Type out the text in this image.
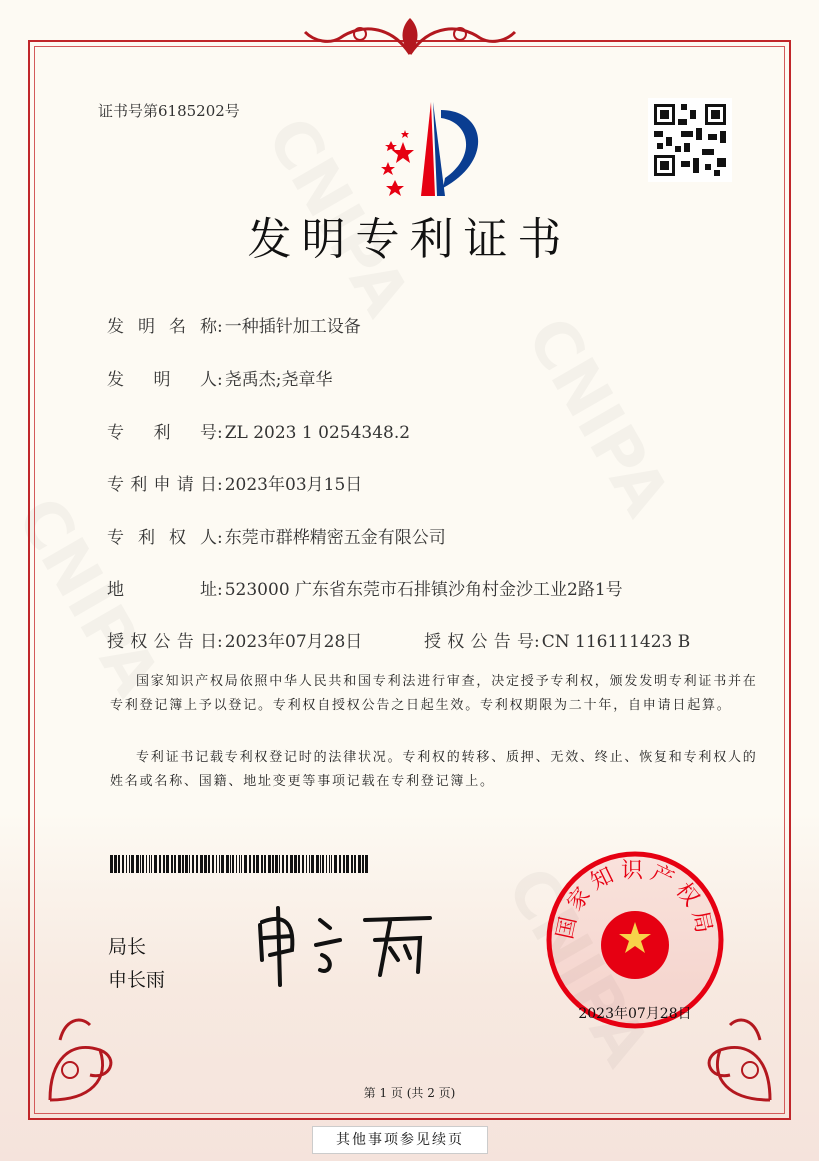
证书号第6185202号
发明专利证书
发明名称: 一种插针加工设备
发明人: 尧禹杰;尧章华
专利号: ZL 2023 1 0254348.2
专利申请日: 2023年03月15日
专利权人: 东莞市群桦精密五金有限公司
地址: 523000 广东省东莞市石排镇沙角村金沙工业2路1号
授权公告日: 2023年07月28日	授权公告号: CN 116111423 B
国家知识产权局依照中华人民共和国专利法进行审查，决定授予专利权，颁发发明专利证书并在专利登记簿上予以登记。专利权自授权公告之日起生效。专利权期限为二十年，自申请日起算。
专利证书记载专利权登记时的法律状况。专利权的转移、质押、无效、终止、恢复和专利权人的姓名或名称、国籍、地址变更等事项记载在专利登记簿上。
局长
申长雨
国家知识产权局
2023年07月28日
第 1 页 (共 2 页)
其他事项参见续页
